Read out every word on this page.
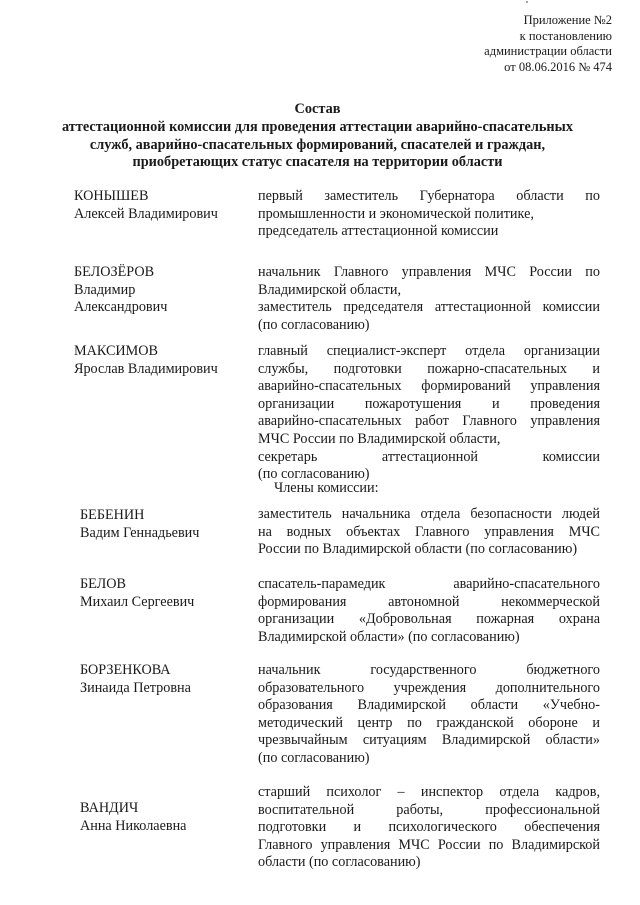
Приложение №2
к постановлению
администрации области
от 08.06.2016 № 474
Состав
аттестационной комиссии для проведения аттестации аварийно-спасательных
служб, аварийно-спасательных формирований, спасателей и граждан,
приобретающих статус спасателя на территории области
КОНЫШЕВ
Алексей Владимирович
первый заместитель Губернатора области по
промышленности и экономической политике,
председатель аттестационной комиссии
БЕЛОЗЁРОВ
Владимир
Александрович
начальник Главного управления МЧС России по
Владимирской области,
заместитель председателя аттестационной комиссии
(по согласованию)
МАКСИМОВ
Ярослав Владимирович
главный специалист-эксперт отдела организации
службы, подготовки пожарно-спасательных и
аварийно-спасательных формирований управления
организации пожаротушения и проведения
аварийно-спасательных работ Главного управления
МЧС России по Владимирской области,
секретарь аттестационной комиссии
(по согласованию)
Члены комиссии:
БЕБЕНИН
Вадим Геннадьевич
заместитель начальника отдела безопасности людей
на водных объектах Главного управления МЧС
России по Владимирской области (по согласованию)
БЕЛОВ
Михаил Сергеевич
спасатель-парамедик аварийно-спасательного
формирования автономной некоммерческой
организации «Добровольная пожарная охрана
Владимирской области» (по согласованию)
БОРЗЕНКОВА
Зинаида Петровна
начальник государственного бюджетного
образовательного учреждения дополнительного
образования Владимирской области «Учебно-
методический центр по гражданской обороне и
чрезвычайным ситуациям Владимирской области»
(по согласованию)
ВАНДИЧ
Анна Николаевна
старший психолог – инспектор отдела кадров,
воспитательной работы, профессиональной
подготовки и психологического обеспечения
Главного управления МЧС России по Владимирской
области (по согласованию)
